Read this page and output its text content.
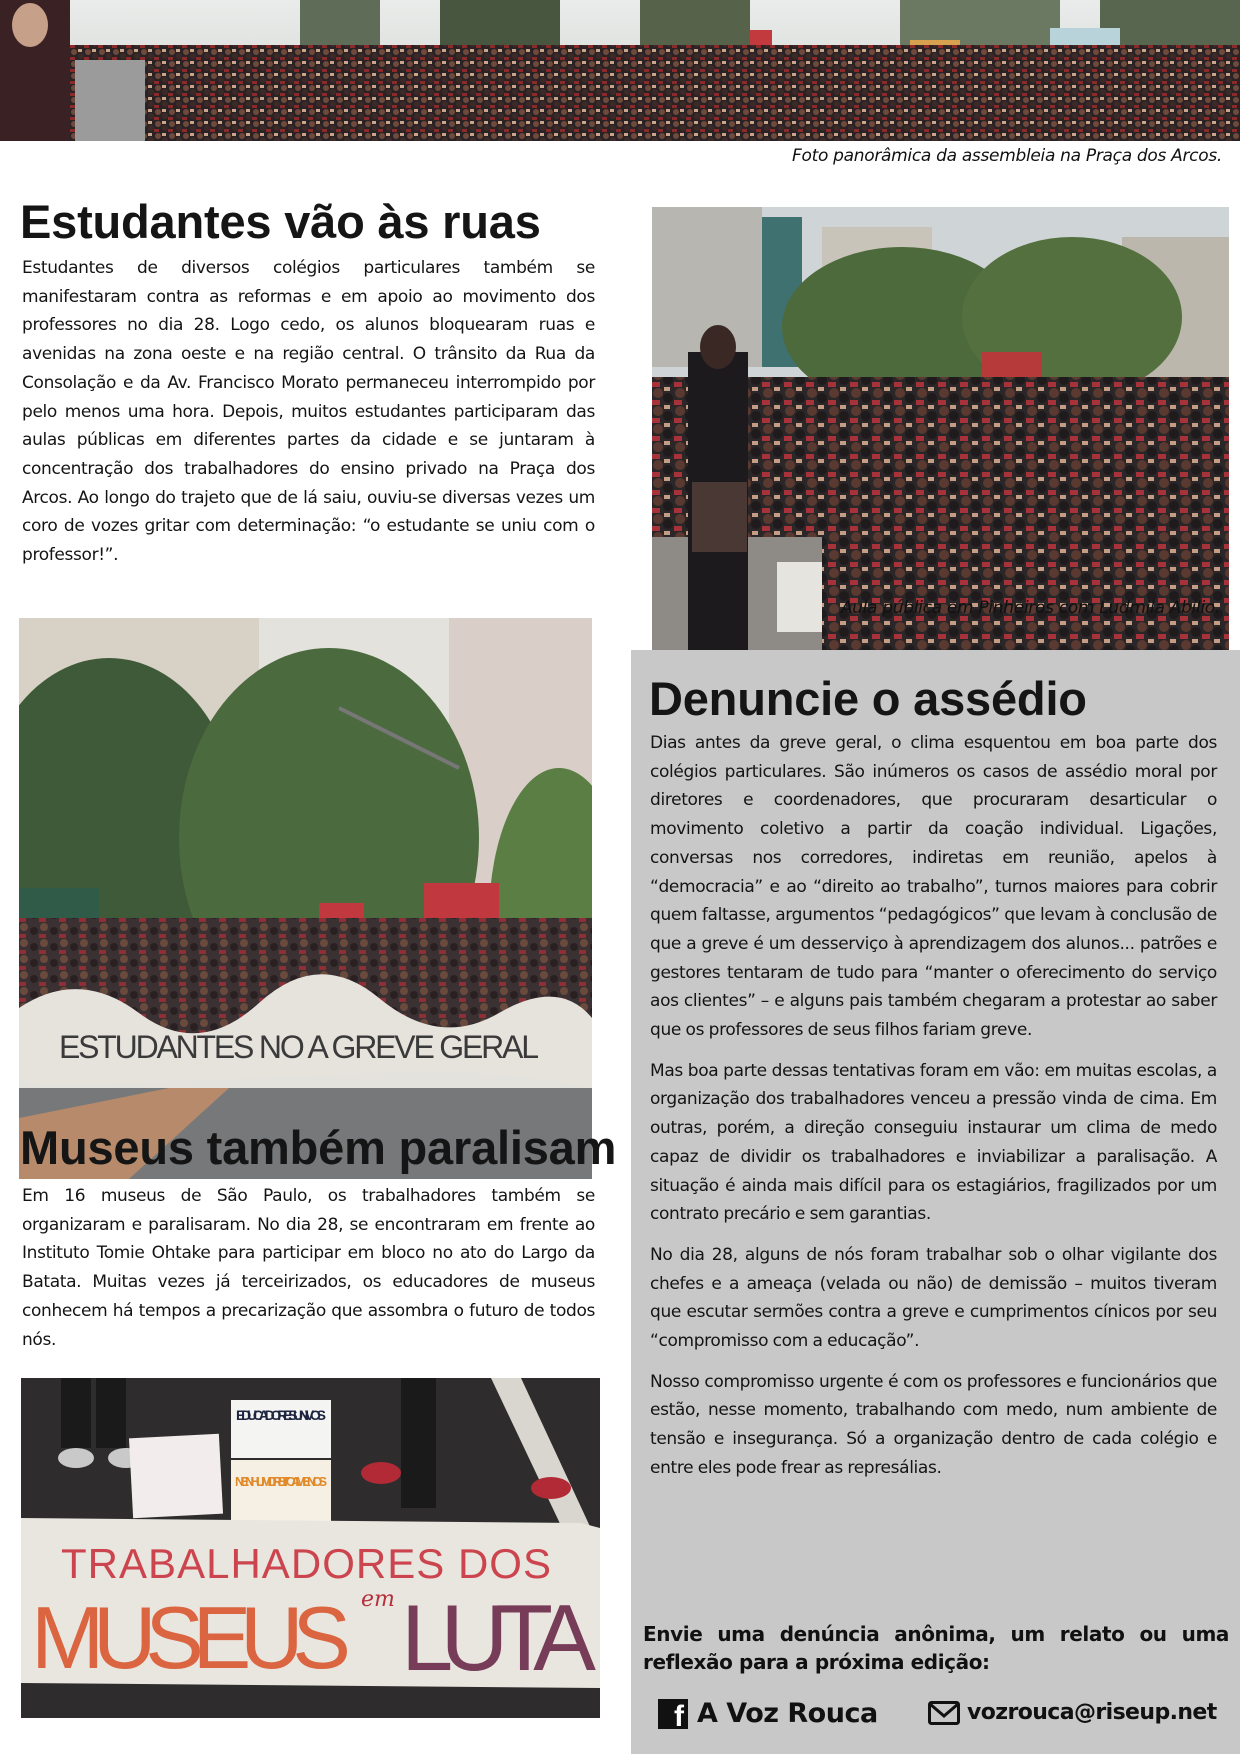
Foto panorâmica da assembleia na Praça dos Arcos.
Estudantes vão às ruas

Estudantes de diversos colégios particulares também se manifestaram contra as reformas e em apoio ao movimento dos professores no dia 28. Logo cedo, os alunos bloquearam ruas e avenidas na zona oeste e na região central. O trânsito da Rua da Consolação e da Av. Francisco Morato permaneceu interrompido por pelo menos uma hora. Depois, muitos estudantes participaram das aulas públicas em diferentes partes da cidade e se juntaram à concentração dos trabalhadores do ensino privado na Praça dos Arcos. Ao longo do trajeto que de lá saiu, ouviu-se diversas vezes um coro de vozes gritar com determinação: “o estudante se uniu com o professor!”.

Aula pública em Pinheiros com Ludmila Abílio.
ESTUDANTES NO A GREVE GERAL
Museus também paralisam

Em 16 museus de São Paulo, os trabalhadores também se organizaram e paralisaram. No dia 28, se encontraram em frente ao Instituto Tomie Ohtake para participar em bloco no ato do Largo da Batata. Muitas vezes já terceirizados, os educadores de museus conhecem há tempos a precarização que assombra o futuro de todos nós.

EDUCADORES UNI-VOS
NENHUM DIREITO A MENOS
TRABALHADORES DOS
MUSEUS em LUTA
Denuncie o assédio

Dias antes da greve geral, o clima esquentou em boa parte dos colégios particulares. São inúmeros os casos de assédio moral por diretores e coordenadores, que procuraram desarticular o movimento coletivo a partir da coação individual. Ligações, conversas nos corredores, indiretas em reunião, apelos à “democracia” e ao “direito ao trabalho”, turnos maiores para cobrir quem faltasse, argumentos “pedagógicos” que levam à conclusão de que a greve é um desserviço à aprendizagem dos alunos... patrões e gestores tentaram de tudo para “manter o oferecimento do serviço aos clientes” – e alguns pais também chegaram a protestar ao saber que os professores de seus filhos fariam greve.

Mas boa parte dessas tentativas foram em vão: em muitas escolas, a organização dos trabalhadores venceu a pressão vinda de cima. Em outras, porém, a direção conseguiu instaurar um clima de medo capaz de dividir os trabalhadores e inviabilizar a paralisação. A situação é ainda mais difícil para os estagiários, fragilizados por um contrato precário e sem garantias.

No dia 28, alguns de nós foram trabalhar sob o olhar vigilante dos chefes e a ameaça (velada ou não) de demissão – muitos tiveram que escutar sermões contra a greve e cumprimentos cínicos por seu “compromisso com a educação”.

Nosso compromisso urgente é com os professores e funcionários que estão, nesse momento, trabalhando com medo, num ambiente de tensão e insegurança. Só a organização dentro de cada colégio e entre eles pode frear as represálias.

Envie uma denúncia anônima, um relato ou uma reflexão para a próxima edição:
f A Voz Rouca	vozrouca@riseup.net
